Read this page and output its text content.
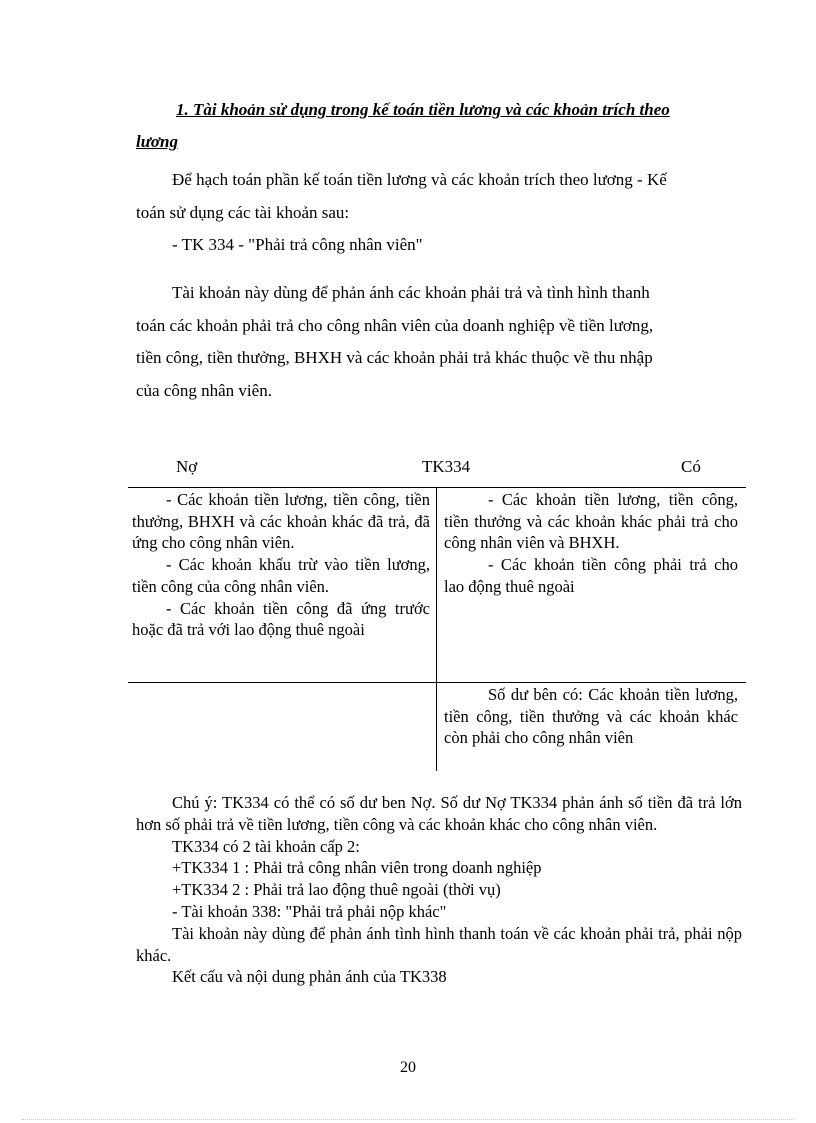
1. Tài khoản sử dụng trong kế toán tiền lương và các khoản trích theo
lương
Để hạch toán phần kế toán tiền lương và các khoản trích theo lương - Kế
toán sử dụng các tài khoản sau:
- TK 334 - "Phải trả công nhân viên"
Tài khoản này dùng để phản ánh các khoản phải trả và tình hình thanh
toán các khoản phải trả cho công nhân viên của doanh nghiệp về tiền lương,
tiền công, tiền thưởng, BHXH và các khoản phải trả khác thuộc về thu nhập
của công nhân viên.
Nợ	TK334	Có

- Các khoản tiền lương, tiền công, tiền thưởng, BHXH và các khoản khác đã trả, đã ứng cho công nhân viên.

- Các khoản khấu trừ vào tiền lương, tiền công của công nhân viên.

- Các khoản tiền công đã ứng trước hoặc đã trả với lao động thuê ngoài

- Các khoản tiền lương, tiền công, tiền thưởng và các khoản khác phải trả cho công nhân viên và BHXH.

- Các khoản tiền công phải trả cho lao động thuê ngoài

Số dư bên có: Các khoản tiền lương, tiền công, tiền thưởng và các khoản khác còn phải cho công nhân viên

Chú ý: TK334 có thể có số dư ben Nợ. Số dư Nợ TK334 phản ánh số tiền đã trả lớn hơn số phải trả về tiền lương, tiền công và các khoản khác cho công nhân viên.

TK334 có 2 tài khoản cấp 2:

+TK334 1 : Phải trả công nhân viên trong doanh nghiệp

+TK334 2 : Phải trả lao động thuê ngoài (thời vụ)

- Tài khoản 338: "Phải trả phải nộp khác"

Tài khoản này dùng để phản ánh tình hình thanh toán về các khoản phải trả, phải nộp khác.

Kết cấu và nội dung phản ánh của TK338

20
